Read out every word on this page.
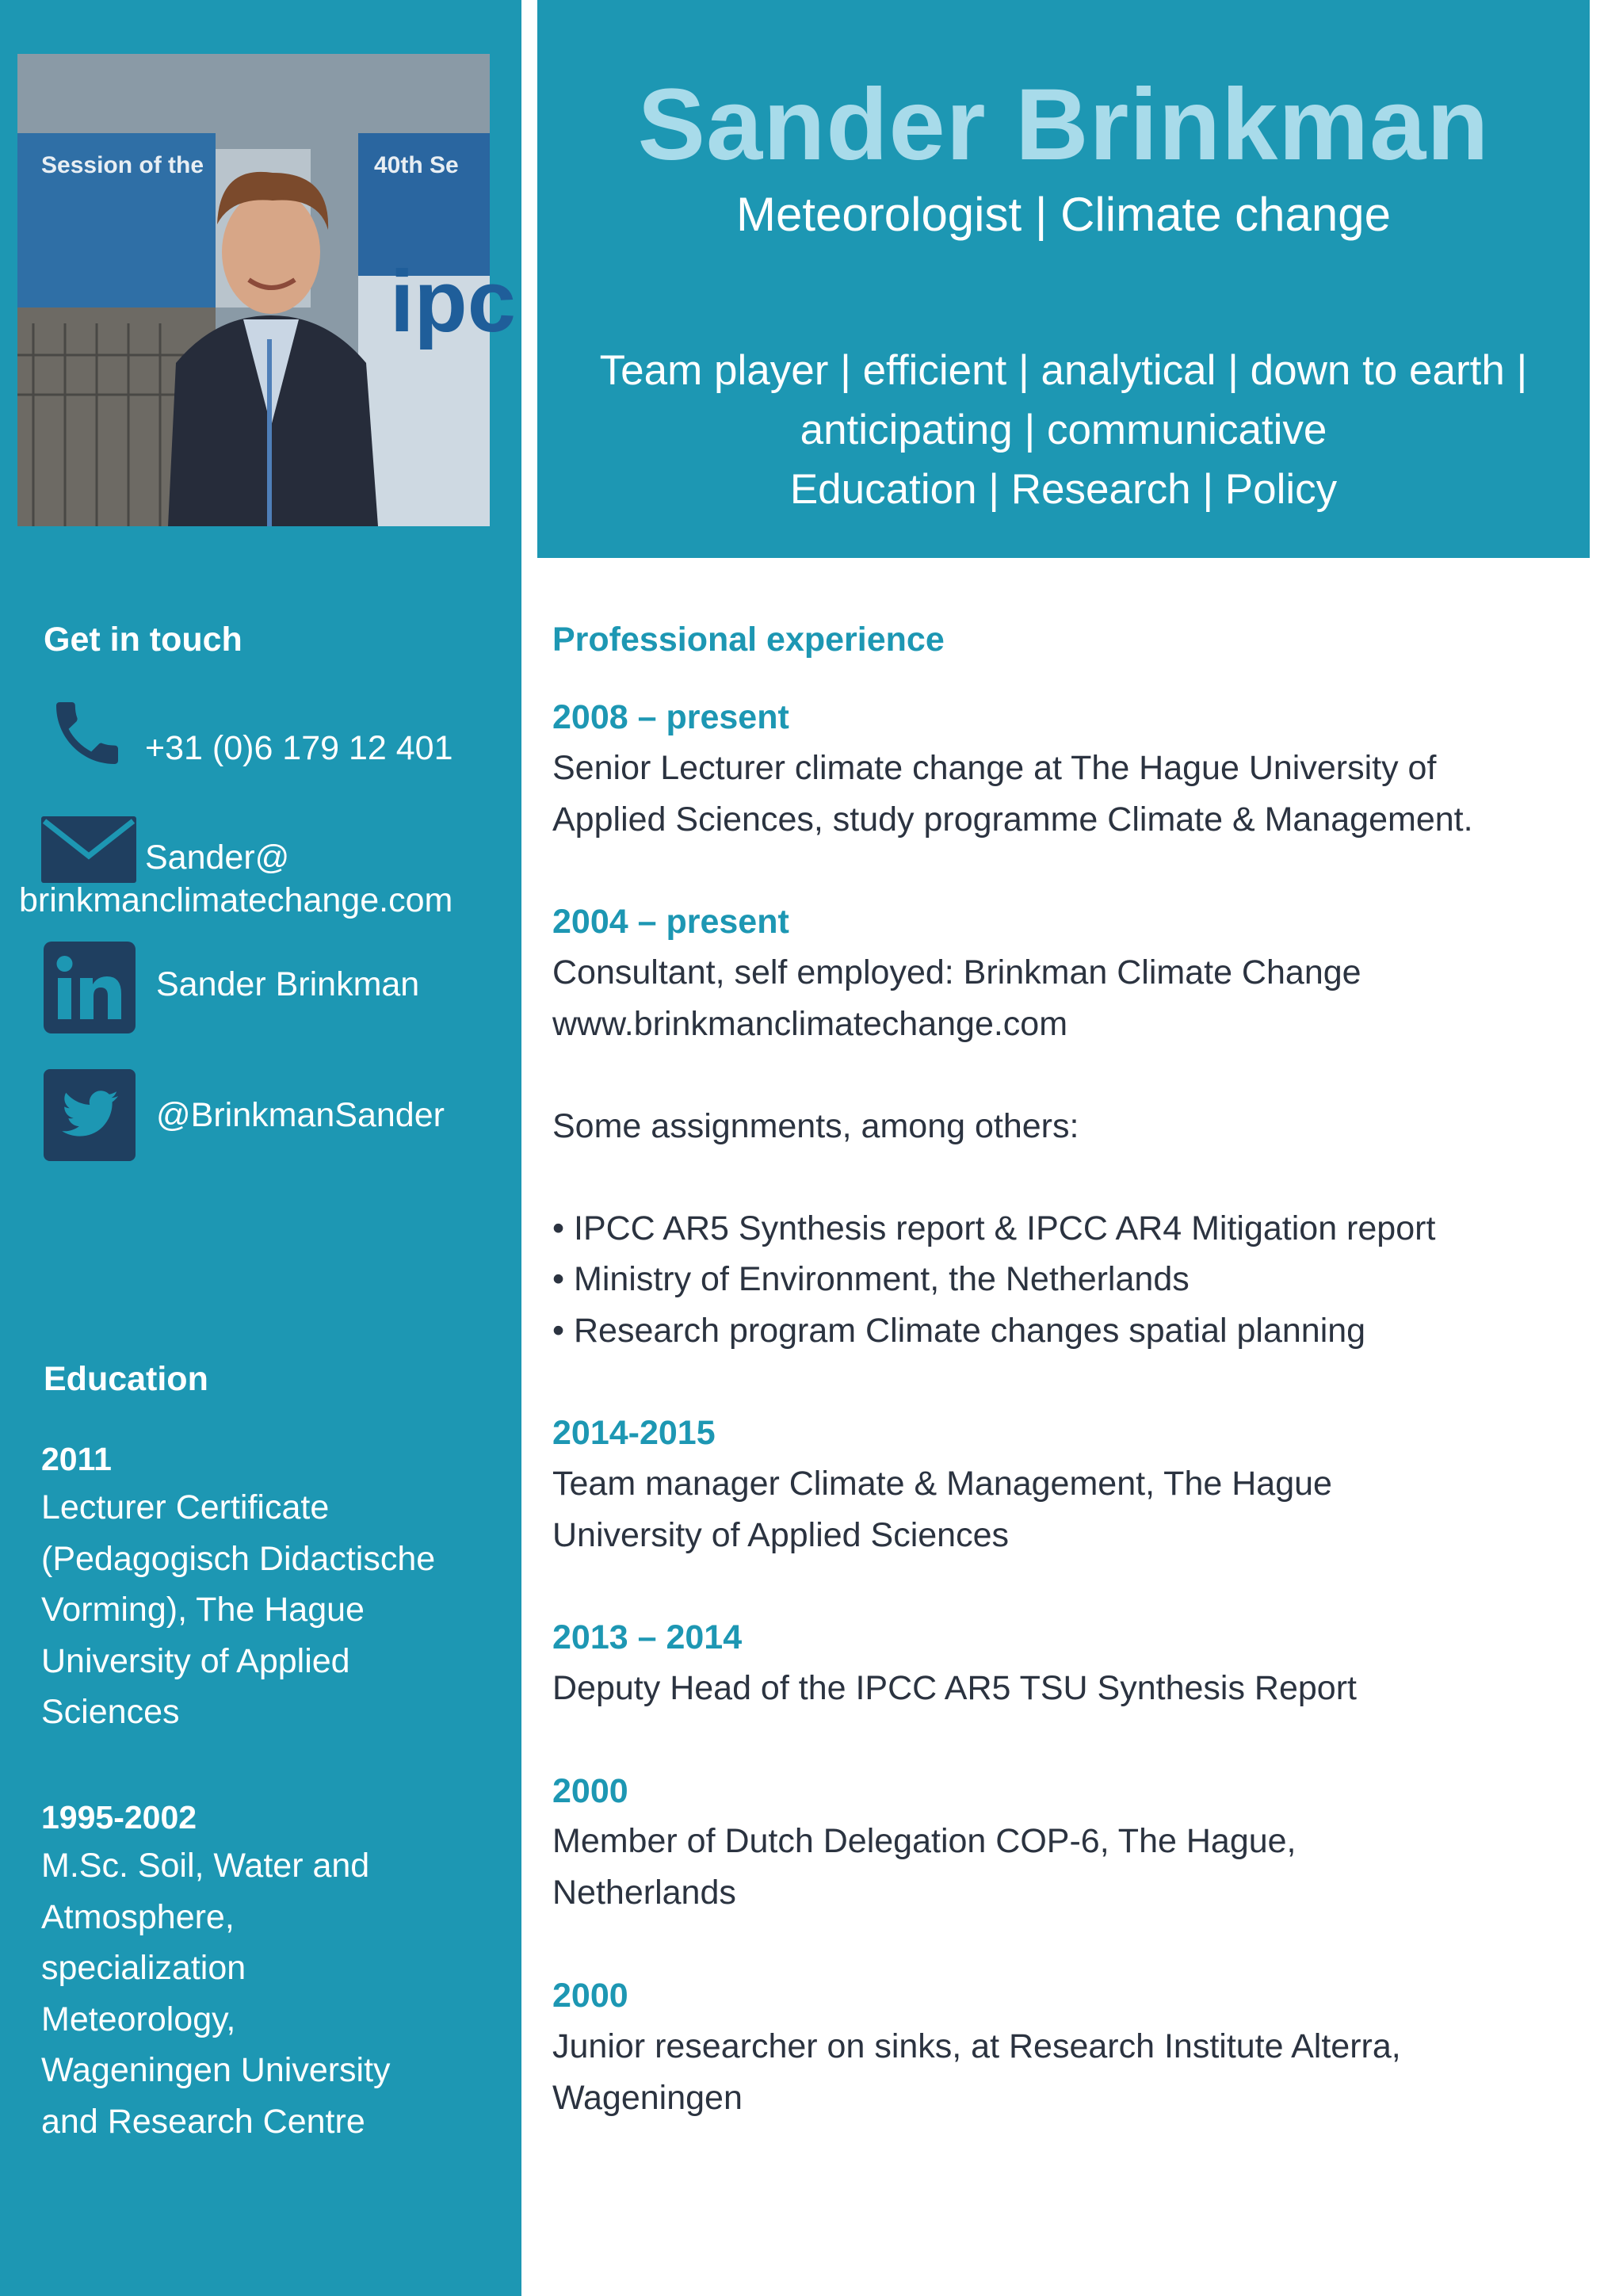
Sander Brinkman
Meteorologist | Climate change
Team player | efficient | analytical | down to earth |
anticipating | communicative
Education | Research | Policy
Session of the	40th Se
ipc
Get in touch
+31 (0)6 179 12 401
Sander@
brinkmanclimatechange.com
Sander Brinkman
@BrinkmanSander
Education
2011
Lecturer Certificate
(Pedagogisch Didactische
Vorming), The Hague
University of Applied
Sciences
1995-2002
M.Sc. Soil, Water and
Atmosphere,
specialization
Meteorology,
Wageningen University
and Research Centre
Professional experience
2008 – present
Senior Lecturer climate change at The Hague University of
Applied Sciences, study programme Climate & Management.
2004 – present
Consultant, self employed: Brinkman Climate Change
www.brinkmanclimatechange.com
Some assignments, among others:
• IPCC AR5 Synthesis report & IPCC AR4 Mitigation report
• Ministry of Environment, the Netherlands
• Research program Climate changes spatial planning
2014-2015
Team manager Climate & Management, The Hague
University of Applied Sciences
2013 – 2014
Deputy Head of the IPCC AR5 TSU Synthesis Report
2000
Member of Dutch Delegation COP-6, The Hague,
Netherlands
2000
Junior researcher on sinks, at Research Institute Alterra,
Wageningen
